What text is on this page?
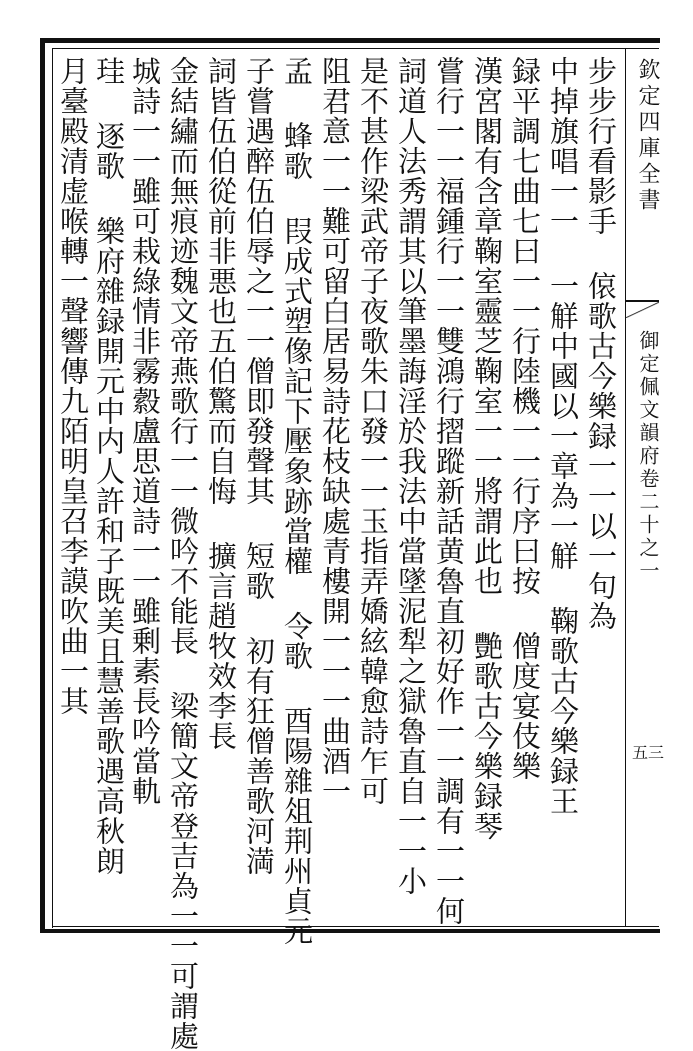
欽定四庫全書
御定佩文韻府卷二十之一
五三
步步行看影手 偯歌古今樂録一一以一句為
中掉旗唱一一 一觧中國以一章為一觧 鞠歌古今樂録王
録平調七曲七曰一一行陸機一一行序曰按 僧度宴伎樂
漢宮閣有含章鞠室靈芝鞠室一一將謂此也 艷歌古今樂録琴
嘗行一一福鍾行一一雙鴻行摺蹤新話黄魯直初好作一一調有一一何
詞道人法秀謂其以筆墨誨淫於我法中當墜泥犁之獄魯直自一一小
是不甚作梁武帝子夜歌朱口發一一玉指弄嬌絃韓愈詩乍可
阻君意一一難可留白居易詩花枝缺處青樓開一一一曲酒一
孟 蜂歌 叚成式塑像記下壓象跡當權 令歌 酉陽雜俎荆州貞元
子嘗遇醉伍伯辱之一一僧即發聲其 短歌 初有狂僧善歌河満
詞皆伍伯從前非悪也五伯驚而自悔 擴言趙牧效李長
金結繡而無痕迹魏文帝燕歌行一一微吟不能長 梁簡文帝登吉為一一可謂處
城詩一一雖可栽綠情非霧縠盧思道詩一一雖剰素長吟當軌
珪 逐歌 樂府雜録開元中内人許和子既美且慧善歌遇高秋朗
月臺殿清虚喉轉一聲響傳九陌明皇召李謨吹曲一其
